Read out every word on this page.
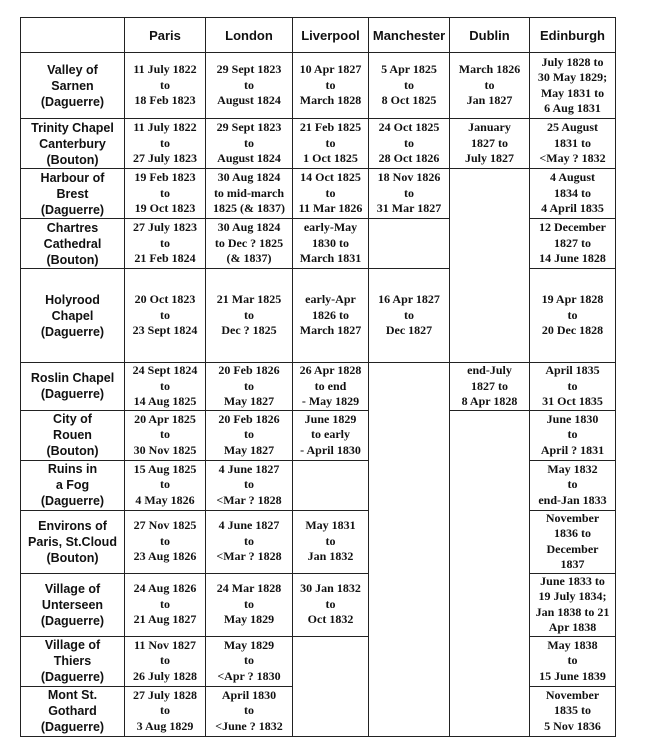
	Paris	London	Liverpool	Manchester	Dublin	Edinburgh	

Valley of
Sarnen
(Daguerre)	11 July 1822
to
18 Feb 1823	29 Sept 1823
to
August 1824	10 Apr 1827
to
March 1828	5 Apr 1825
to
8 Oct 1825	March 1826
to
Jan 1827	July 1828 to
30 May 1829;
May 1831 to
6 Aug 1831	

Trinity Chapel
Canterbury
(Bouton)	11 July 1822
to
27 July 1823	29 Sept 1823
to
August 1824	21 Feb 1825
to
1 Oct 1825	24 Oct 1825
to
28 Oct 1826	January
1827 to
July 1827	25 August
1831 to
<May ? 1832	

Harbour of
Brest
(Daguerre)	19 Feb 1823
to
19 Oct 1823	30 Aug 1824
to mid-march
1825 (& 1837)	14 Oct 1825
to
11 Mar 1826	18 Nov 1826
to
31 Mar 1827		4 August
1834 to
4 April 1835	

Chartres
Cathedral
(Bouton)	27 July 1823
to
21 Feb 1824	30 Aug 1824
to Dec ? 1825
(& 1837)	early-May
1830 to
March 1831			12 December
1827 to
14 June 1828	

Holyrood
Chapel
(Daguerre)	20 Oct 1823
to
23 Sept 1824	21 Mar 1825
to
Dec ? 1825	early-Apr
1826 to
March 1827	16 Apr 1827
to
Dec 1827		19 Apr 1828
to
20 Dec 1828

Roslin Chapel
(Daguerre)	24 Sept 1824
to
14 Aug 1825	20 Feb 1826
to
May 1827	26 Apr 1828
to end
- May 1829		end-July
1827 to
8 Apr 1828	April 1835
to
31 Oct 1835	

City of
Rouen
(Bouton)	20 Apr 1825
to
30 Nov 1825	20 Feb 1826
to
May 1827	June 1829
to early
- April 1830			June 1830
to
April ? 1831	

Ruins in
a Fog
(Daguerre)	15 Aug 1825
to
4 May 1826	4 June 1827
to
<Mar ? 1828				May 1832
to
end-Jan 1833	

Environs of
Paris, St.Cloud
(Bouton)	27 Nov 1825
to
23 Aug 1826	4 June 1827
to
<Mar ? 1828	May 1831
to
Jan 1832			November
1836 to
December
1837	

Village of
Unterseen
(Daguerre)	24 Aug 1826
to
21 Aug 1827	24 Mar 1828
to
May 1829	30 Jan 1832
to
Oct 1832			June 1833 to
19 July 1834;
Jan 1838 to 21
Apr 1838	

Village of
Thiers
(Daguerre)	11 Nov 1827
to
26 July 1828	May 1829
to
<Apr ? 1830				May 1838
to
15 June 1839	

Mont St.
Gothard
(Daguerre)	27 July 1828
to
3 Aug 1829	April 1830
to
<June ? 1832				November
1835 to
5 Nov 1836	
